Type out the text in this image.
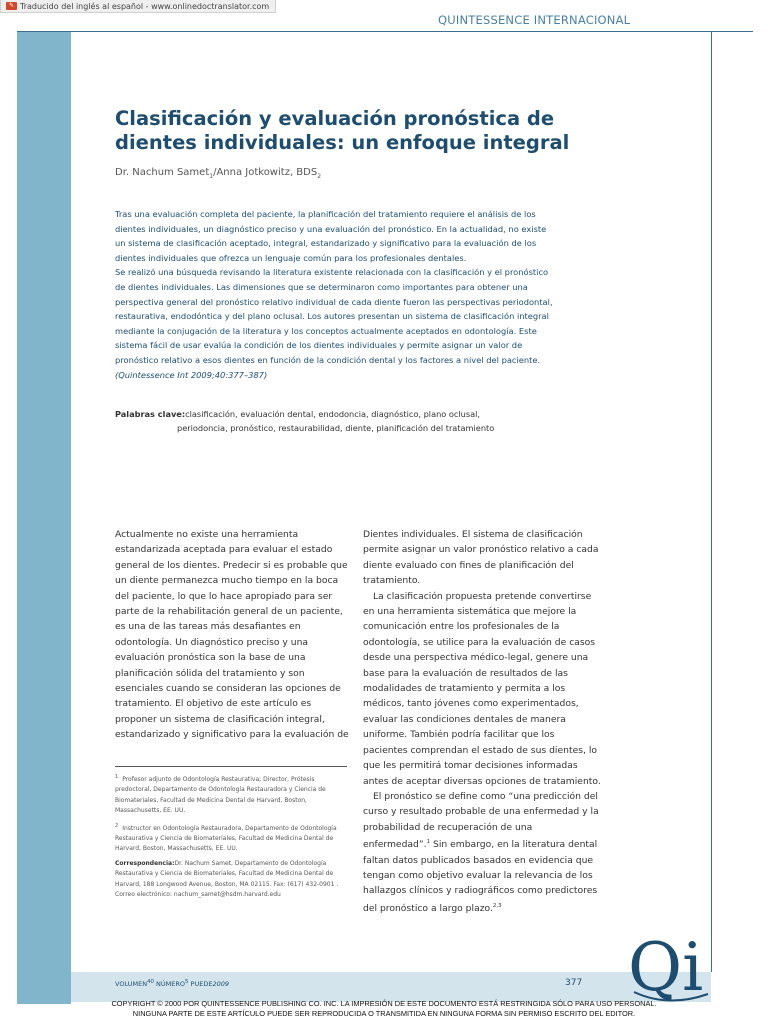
✎ Traducido del inglés al español - www.onlinedoctranslator.com
QUINTESSENCE INTERNACIONAL
Clasificación y evaluación pronóstica de dientes individuales: un enfoque integral
Dr. Nachum Samet$_1$/Anna Jotkowitz, $BDS_2$

Tras una evaluación completa del paciente, la planificación del tratamiento requiere el análisis de los dientes individuales, un diagnóstico preciso y una evaluación del pronóstico. En la actualidad, no existe un sistema de clasificación aceptado, integral, estandarizado y significativo para la evaluación de los dientes individuales que ofrezca un lenguaje común para los profesionales dentales.

Se realizó una búsqueda revisando la literatura existente relacionada con la clasificación y el pronóstico de dientes individuales. Las dimensiones que se determinaron como importantes para obtener una perspectiva general del pronóstico relativo individual de cada diente fueron las perspectivas periodontal, restaurativa, endodóntica y del plano oclusal. Los autores presentan un sistema de clasificación integral mediante la conjugación de la literatura y los conceptos actualmente aceptados en odontología. Este sistema fácil de usar evalúa la condición de los dientes individuales y permite asignar un valor de pronóstico relativo a esos dientes en función de la condición dental y los factores a nivel del paciente.(Quintessence Int 2009;40:377–387)

Palabras clave:clasificación, evaluación dental, endodoncia, diagnóstico, plano oclusal,
periodoncia, pronóstico, restaurabilidad, diente, planificación del tratamiento

Actualmente no existe una herramienta estandarizada aceptada para evaluar el estado general de los dientes. Predecir si es probable que un diente permanezca mucho tiempo en la boca del paciente, lo que lo hace apropiado para ser parte de la rehabilitación general de un paciente, es una de las tareas más desafiantes en odontología. Un diagnóstico preciso y una evaluación pronóstica son la base de una planificación sólida del tratamiento y son esenciales cuando se consideran las opciones de tratamiento. El objetivo de este artículo es proponer un sistema de clasificación integral, estandarizado y significativo para la evaluación de

Dientes individuales. El sistema de clasificación permite asignar un valor pronóstico relativo a cada diente evaluado con fines de planificación del tratamiento.

La clasificación propuesta pretende convertirse en una herramienta sistemática que mejore la comunicación entre los profesionales de la odontología, se utilice para la evaluación de casos desde una perspectiva médico-legal, genere una base para la evaluación de resultados de las modalidades de tratamiento y permita a los médicos, tanto jóvenes como experimentados, evaluar las condiciones dentales de manera uniforme. También podría facilitar que los pacientes comprendan el estado de sus dientes, lo que les permitirá tomar decisiones informadas antes de aceptar diversas opciones de tratamiento.

El pronóstico se define como “una predicción del curso y resultado probable de una enfermedad y la probabilidad de recuperación de una enfermedad”.$^1$ Sin embargo, en la literatura dental faltan datos publicados basados en evidencia que tengan como objetivo evaluar la relevancia de los hallazgos clínicos y radiográficos como predictores del pronóstico a largo plazo.$^{2,3}$

$^1$ Profesor adjunto de Odontología Restaurativa; Director, Prótesis predoctoral, Departamento de Odontología Restauradora y Ciencia de Biomateriales, Facultad de Medicina Dental de Harvard, Boston, Massachusetts, EE. UU.

$^2$ Instructor en Odontología Restauradora, Departamento de Odontología Restaurativa y Ciencia de Biomateriales, Facultad de Medicina Dental de Harvard, Boston, Massachusetts, EE. UU.

Correspondencia:Dr. Nachum Samet, Departamento de Odontología Restaurativa y Ciencia de Biomateriales, Facultad de Medicina Dental de Harvard, 188 Longwood Avenue, Boston, MA 02115. Fax: (617) 432-0901 . Correo electrónico: nachum_samet@hsdm.harvard.edu

VOLUMEN$^{40}$ NÚMERO$^5$ PUEDE2009	377 Qi
COPYRIGHT © 2000 POR QUINTESSENCE PUBLISHING CO. INC. LA IMPRESIÓN DE ESTE DOCUMENTO ESTÁ RESTRINGIDA SÓLO PARA USO PERSONAL.
NINGUNA PARTE DE ESTE ARTÍCULO PUEDE SER REPRODUCIDA O TRANSMITIDA EN NINGUNA FORMA SIN PERMISO ESCRITO DEL EDITOR.
